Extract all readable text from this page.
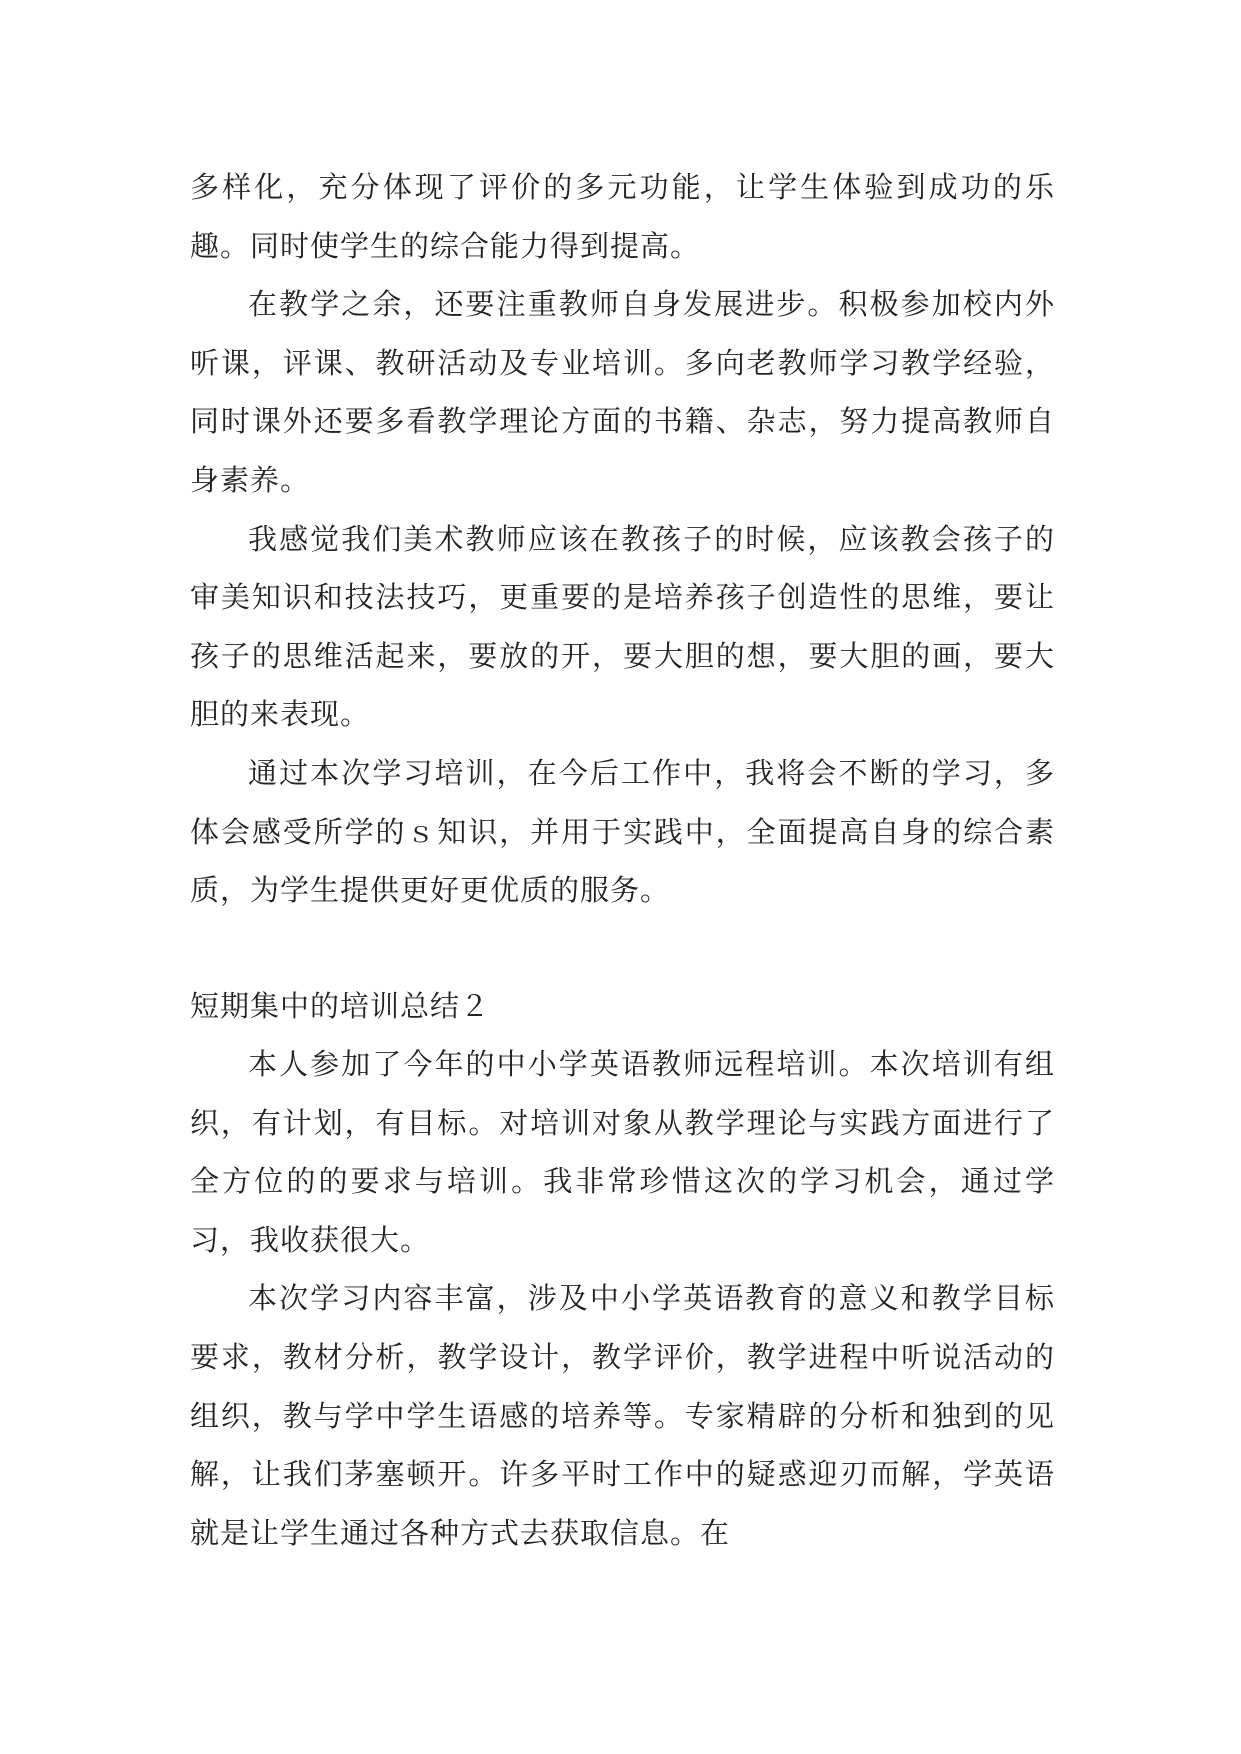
多样化，充分体现了评价的多元功能，让学生体验到成功的乐趣。同时使学生的综合能力得到提高。

在教学之余，还要注重教师自身发展进步。积极参加校内外听课，评课、教研活动及专业培训。多向老教师学习教学经验，同时课外还要多看教学理论方面的书籍、杂志，努力提高教师自身素养。

我感觉我们美术教师应该在教孩子的时候，应该教会孩子的审美知识和技法技巧，更重要的是培养孩子创造性的思维，要让孩子的思维活起来，要放的开，要大胆的想，要大胆的画，要大胆的来表现。

通过本次学习培训，在今后工作中，我将会不断的学习，多体会感受所学的ｓ知识，并用于实践中，全面提高自身的综合素质，为学生提供更好更优质的服务。

短期集中的培训总结２

本人参加了今年的中小学英语教师远程培训。本次培训有组织，有计划，有目标。对培训对象从教学理论与实践方面进行了全方位的的要求与培训。我非常珍惜这次的学习机会，通过学习，我收获很大。

本次学习内容丰富，涉及中小学英语教育的意义和教学目标要求，教材分析，教学设计，教学评价，教学进程中听说活动的组织，教与学中学生语感的培养等。专家精辟的分析和独到的见解，让我们茅塞顿开。许多平时工作中的疑惑迎刃而解，学英语就是让学生通过各种方式去获取信息。在
